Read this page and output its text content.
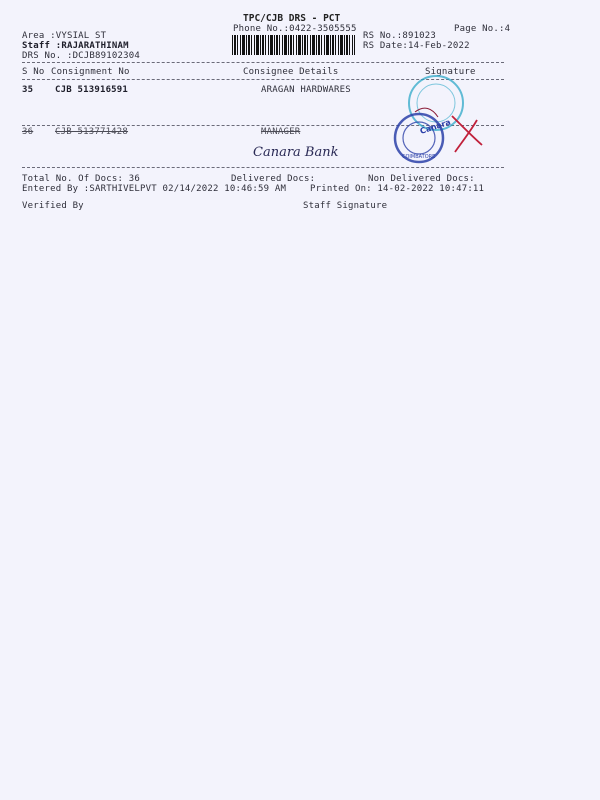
TPC/CJB DRS - PCT
Phone No.:0422-3505555	Page No.:4
Area :VYSIAL ST
Staff :RAJARATHINAM
DRS No. :DCJB89102304
RS No.:891023
RS Date:14-Feb-2022
S No Consignment No	Consignee Details	Signature
35 CJB 513916591	ARAGAN HARDWARES
36 CJB 513771428	MANAGER
Canara Bank
Canara
COIMBATORE
Total No. Of Docs: 36	Delivered Docs:	Non Delivered Docs:
Entered By :SARTHIVELPVT 02/14/2022 10:46:59 AM	Printed On: 14-02-2022 10:47:11
Verified By	Staff Signature
